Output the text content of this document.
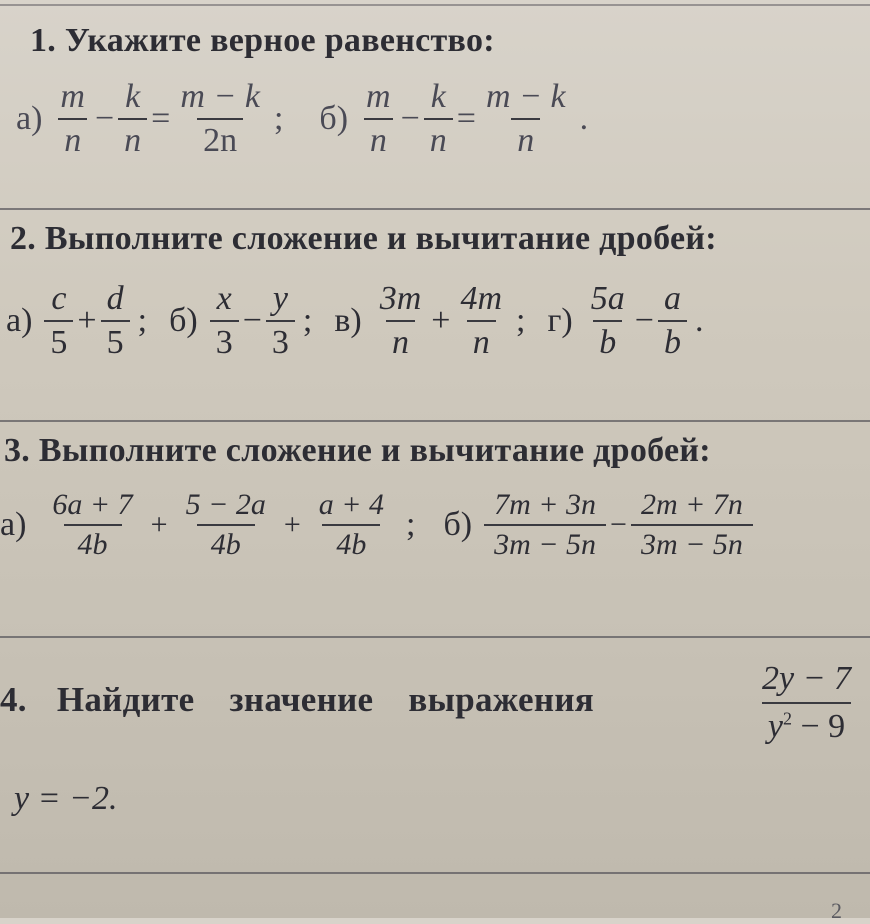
1. Укажите верное равенство:
$а) \frac{m}{n} - \frac{k}{n} = \frac{m - k}{2n}$ ; $б) \frac{m}{n} - \frac{k}{n} = \frac{m - k}{n}$ .
2. Выполните сложение и вычитание дробей:
$а) \frac{c}{5} + \frac{d}{5}$ ; $б) \frac{x}{3} - \frac{y}{3}$ ; $в) \frac{3m}{n} + \frac{4m}{n}$ ; $г) \frac{5a}{b} - \frac{a}{b}$ .
3. Выполните сложение и вычитание дробей:
$а) \frac{6a + 7}{4b} + \frac{5 - 2a}{4b} + \frac{a + 4}{4b}$ ; $б) \frac{7m + 3n}{3m - 5n} - \frac{2m + 7n}{3m - 5n}$
4. Найдите значение выражения	$\frac{2y - 7}{y^2 - 9}$
y = −2.
2
